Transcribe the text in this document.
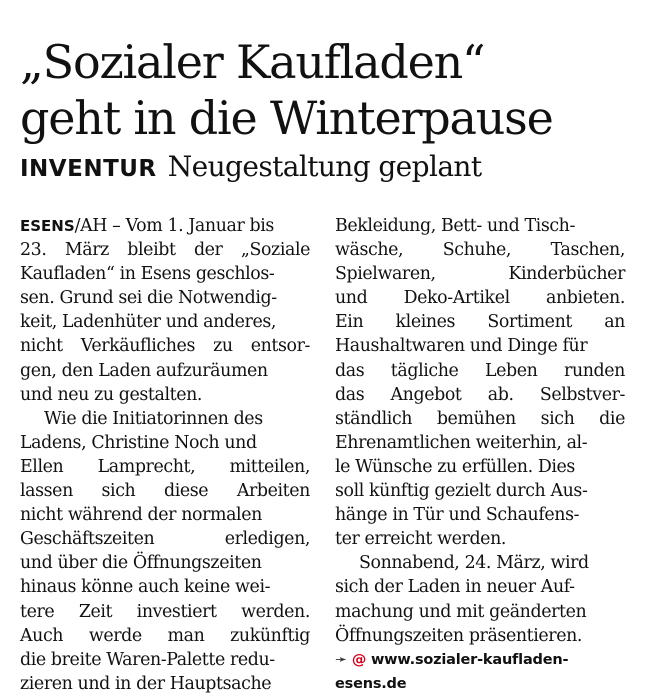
„Sozialer Kaufladen“
geht in die Winterpause
INVENTUR Neugestaltung geplant
ESENS/AH – Vom 1. Januar bis
23. März bleibt der „Soziale
Kaufladen“ in Esens geschlos-
sen. Grund sei die Notwendig-
keit, Ladenhüter und anderes,
nicht Verkäufliches zu entsor-
gen, den Laden aufzuräumen
und neu zu gestalten.
Wie die Initiatorinnen des
Ladens, Christine Noch und
Ellen Lamprecht, mitteilen,
lassen sich diese Arbeiten
nicht während der normalen
Geschäftszeiten	erledigen,
und über die Öffnungszeiten
hinaus könne auch keine wei-
tere Zeit investiert werden.
Auch werde man zukünftig
die breite Waren-Palette redu-
zieren und in der Hauptsache
Bekleidung, Bett- und Tisch-
wäsche, Schuhe, Taschen,
Spielwaren,	Kinderbücher
und Deko-Artikel anbieten.
Ein kleines Sortiment an
Haushaltwaren und Dinge für
das tägliche Leben runden
das Angebot ab. Selbstver-
ständlich bemühen sich die
Ehrenamtlichen weiterhin, al-
le Wünsche zu erfüllen. Dies
soll künftig gezielt durch Aus-
hänge in Tür und Schaufens-
ter erreicht werden.
Sonnabend, 24. März, wird
sich der Laden in neuer Auf-
machung und mit geänderten
Öffnungszeiten präsentieren.
➛ @ www.sozialer-kaufladen-
esens.de
